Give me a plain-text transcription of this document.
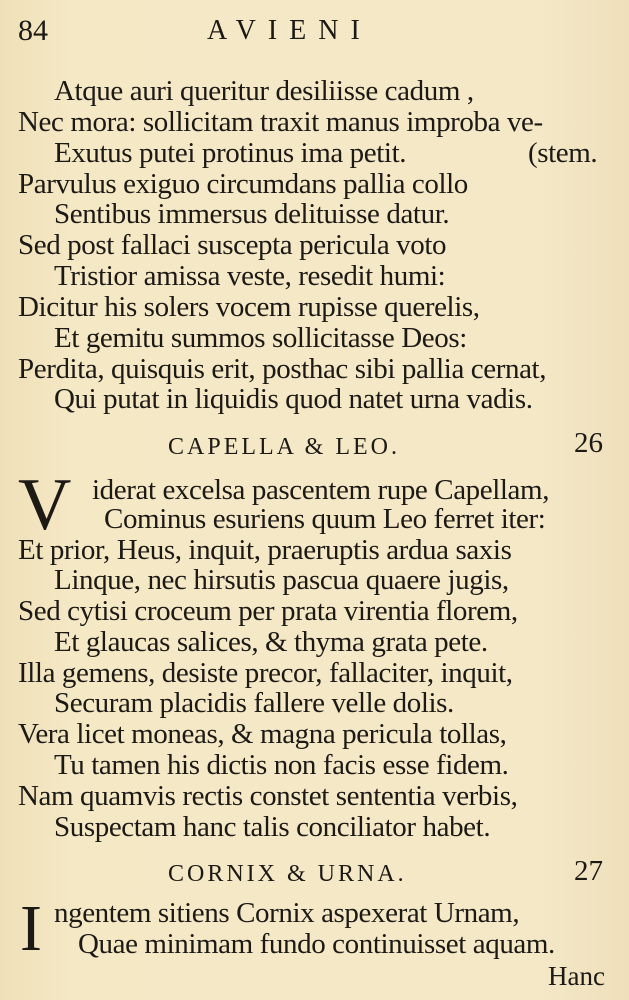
84	AVIENI
Atque auri queritur desiliisse cadum ,
Nec mora: sollicitam traxit manus improba ve-
Exutus putei protinus ima petit.	(stem.
Parvulus exiguo circumdans pallia collo
Sentibus immersus delituisse datur.
Sed post fallaci suscepta pericula voto
Tristior amissa veste, resedit humi:
Dicitur his solers vocem rupisse querelis,
Et gemitu summos sollicitasse Deos:
Perdita, quisquis erit, posthac sibi pallia cernat,
Qui putat in liquidis quod natet urna vadis.
CAPELLA & LEO.	26
V iderat excelsa pascentem rupe Capellam,
Cominus esuriens quum Leo ferret iter:
Et prior, Heus, inquit, praeruptis ardua saxis
Linque, nec hirsutis pascua quaere jugis,
Sed cytisi croceum per prata virentia florem,
Et glaucas salices, & thyma grata pete.
Illa gemens, desiste precor, fallaciter, inquit,
Securam placidis fallere velle dolis.
Vera licet moneas, & magna pericula tollas,
Tu tamen his dictis non facis esse fidem.
Nam quamvis rectis constet sententia verbis,
Suspectam hanc talis conciliator habet.
CORNIX & URNA.	27
I ngentem sitiens Cornix aspexerat Urnam,
Quae minimam fundo continuisset aquam.
Hanc
